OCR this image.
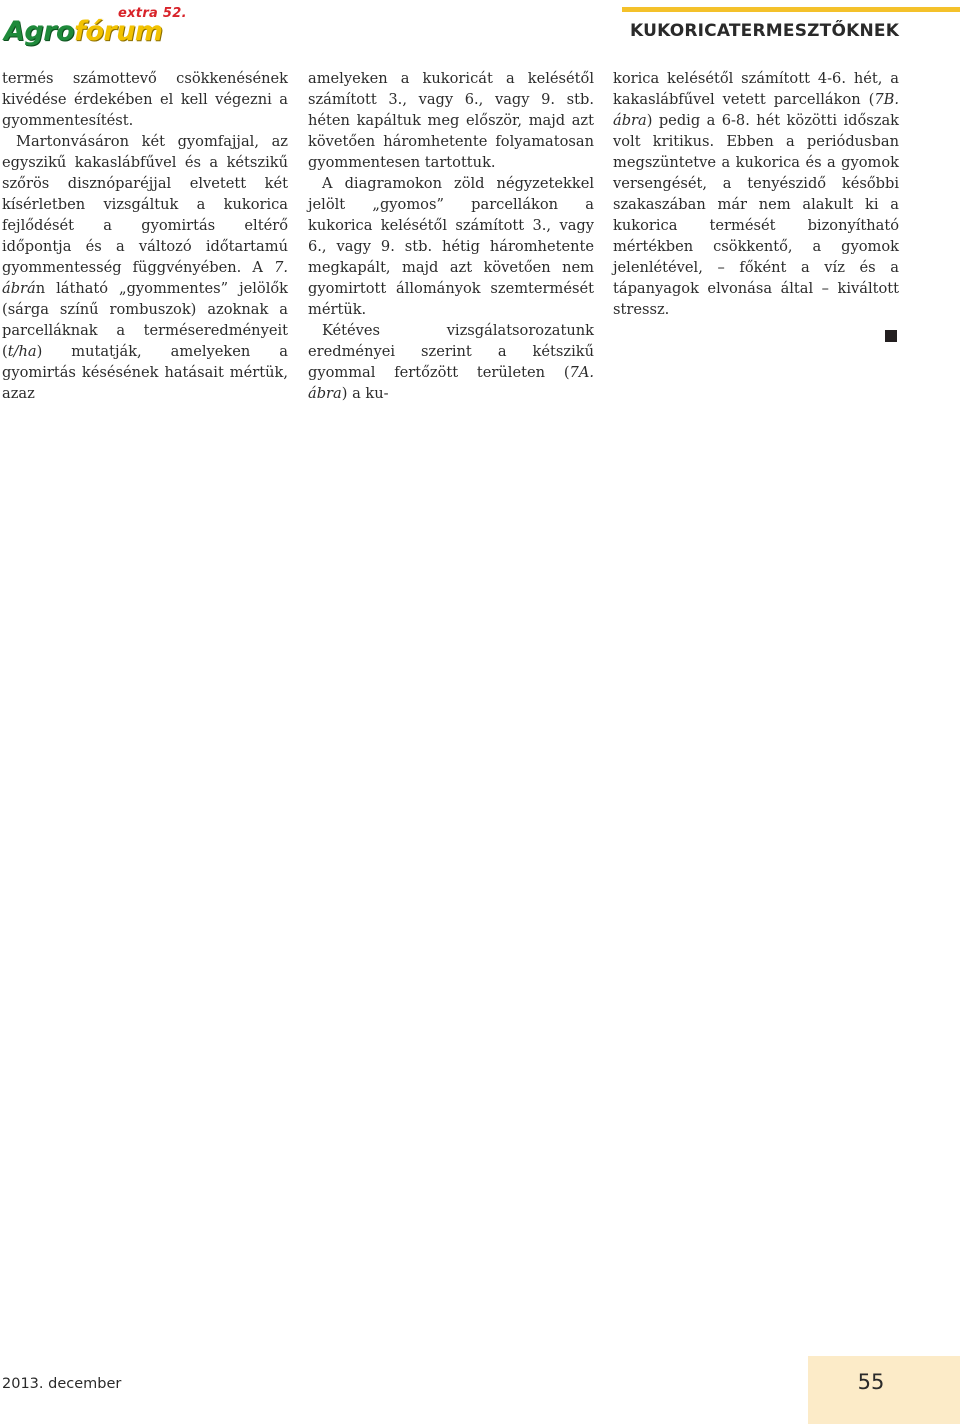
extra 52.
Agrofórum	KUKORICATERMESZTŐKNEK

termés számottevő csökkenésének kivédése érdekében el kell végezni a gyommentesítést.

Martonvásáron két gyomfajjal, az egyszikű kakaslábfűvel és a kétszikű szőrös disznóparéjjal elvetett két kísérletben vizsgáltuk a kukorica fejlődését a gyomirtás eltérő időpontja és a változó időtartamú gyommentesség függvényében. A 7. ábrán látható „gyommentes” jelölők (sárga színű rombuszok) azoknak a parcelláknak a terméseredményeit (t/ha) mutatják, amelyeken a gyomirtás késésének hatásait mértük, azaz

amelyeken a kukoricát a kelésétől számított 3., vagy 6., vagy 9. stb. héten kapáltuk meg először, majd azt követően háromhetente folyamatosan gyommentesen tartottuk.

A diagramokon zöld négyzetekkel jelölt „gyomos” parcellákon a kukorica kelésétől számított 3., vagy 6., vagy 9. stb. hétig háromhetente megkapált, majd azt követően nem gyomirtott állományok szemtermését mértük.

Kétéves vizsgálatsorozatunk eredményei szerint a kétszikű gyommal fertőzött területen (7A. ábra) a ku-

korica kelésétől számított 4-6. hét, a kakaslábfűvel vetett parcellákon (7B. ábra) pedig a 6-8. hét közötti időszak volt kritikus. Ebben a periódusban megszüntetve a kukorica és a gyomok versengését, a tenyészidő későbbi szakaszában már nem alakult ki a kukorica termését bizonyítható mértékben csökkentő, a gyomok jelenlétével, – főként a víz és a tápanyagok elvonása által – kiváltott stressz.

2013. december	55
